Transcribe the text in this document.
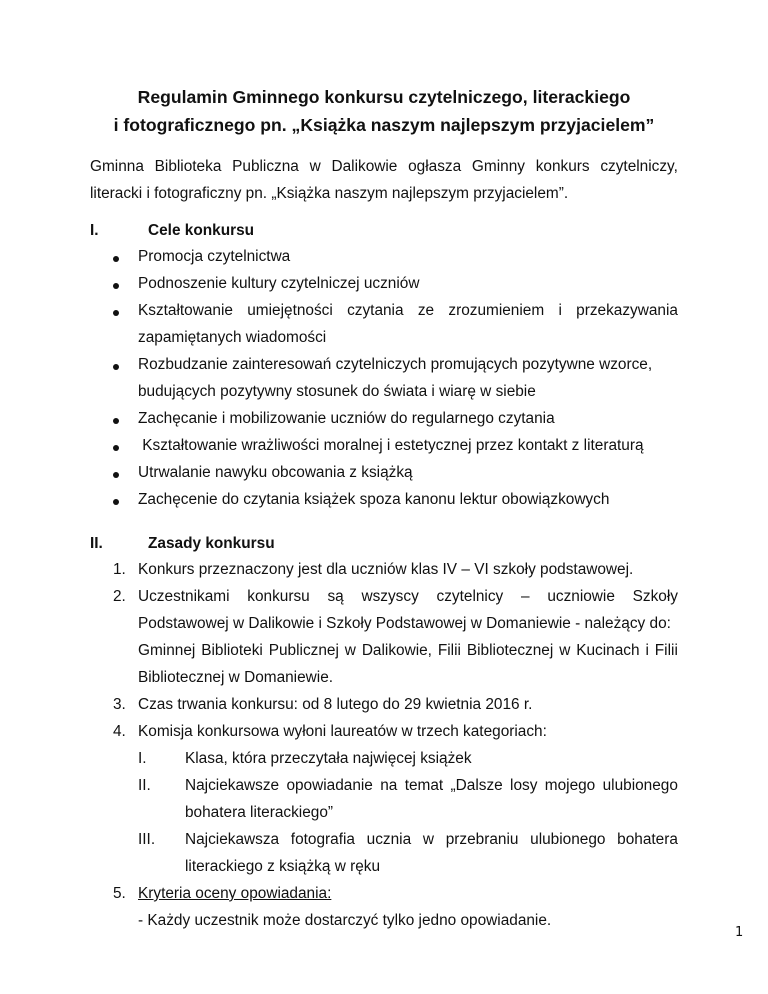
Regulamin Gminnego konkursu czytelniczego, literackiego
i fotograficznego pn. „Książka naszym najlepszym przyjacielem”
Gminna Biblioteka Publiczna w Dalikowie ogłasza Gminny konkurs czytelniczy,
literacki i fotograficzny pn. „Książka naszym najlepszym przyjacielem”.
I.	Cele konkursu
Promocja czytelnictwa
Podnoszenie kultury czytelniczej uczniów
Kształtowanie umiejętności czytania ze zrozumieniem i przekazywania
zapamiętanych wiadomości
Rozbudzanie zainteresowań czytelniczych promujących pozytywne wzorce,
budujących pozytywny stosunek do świata i wiarę w siebie
Zachęcanie i mobilizowanie uczniów do regularnego czytania
Kształtowanie wrażliwości moralnej i estetycznej przez kontakt z literaturą
Utrwalanie nawyku obcowania z książką
Zachęcenie do czytania książek spoza kanonu lektur obowiązkowych
II.	Zasady konkursu
1. Konkurs przeznaczony jest dla uczniów klas IV – VI szkoły podstawowej.
2. Uczestnikami konkursu są wszyscy czytelnicy – uczniowie Szkoły
Podstawowej w Dalikowie i Szkoły Podstawowej w Domaniewie - należący do:
Gminnej Biblioteki Publicznej w Dalikowie, Filii Bibliotecznej w Kucinach i Filii
Bibliotecznej w Domaniewie.
3. Czas trwania konkursu: od 8 lutego do 29 kwietnia 2016 r.
4. Komisja konkursowa wyłoni laureatów w trzech kategoriach:
I. Klasa, która przeczytała najwięcej książek
II. Najciekawsze opowiadanie na temat „Dalsze losy mojego ulubionego
bohatera literackiego”
III. Najciekawsza fotografia ucznia w przebraniu ulubionego bohatera
literackiego z książką w ręku
5. Kryteria oceny opowiadania:
- Każdy uczestnik może dostarczyć tylko jedno opowiadanie.
1
